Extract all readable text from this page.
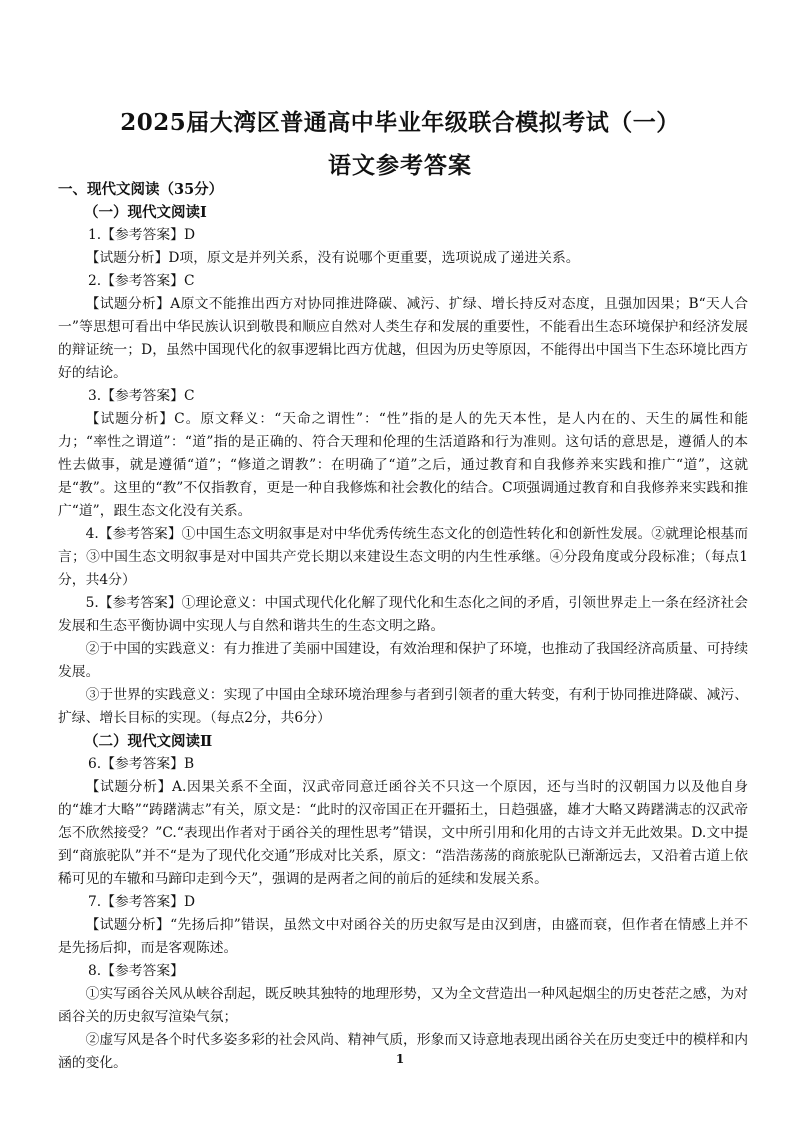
2025届大湾区普通高中毕业年级联合模拟考试（一）
语文参考答案
一、现代文阅读（35分）
（一）现代文阅读Ⅰ
1.【参考答案】D

【试题分析】D项，原文是并列关系，没有说哪个更重要，选项说成了递进关系。

2.【参考答案】C

【试题分析】A原文不能推出西方对协同推进降碳、减污、扩绿、增长持反对态度，且强加因果；B“天人合一”等思想可看出中华民族认识到敬畏和顺应自然对人类生存和发展的重要性，不能看出生态环境保护和经济发展的辩证统一；D，虽然中国现代化的叙事逻辑比西方优越，但因为历史等原因，不能得出中国当下生态环境比西方好的结论。

3.【参考答案】C

【试题分析】C。原文释义：“天命之谓性”：“性”指的是人的先天本性，是人内在的、天生的属性和能力；“率性之谓道”：“道”指的是正确的、符合天理和伦理的生活道路和行为准则。这句话的意思是，遵循人的本性去做事，就是遵循“道”；“修道之谓教”：在明确了“道”之后，通过教育和自我修养来实践和推广“道”，这就是“教”。这里的“教”不仅指教育，更是一种自我修炼和社会教化的结合。C项强调通过教育和自我修养来实践和推广“道”，跟生态文化没有关系。

4.【参考答案】①中国生态文明叙事是对中华优秀传统生态文化的创造性转化和创新性发展。②就理论根基而言；③中国生态文明叙事是对中国共产党长期以来建设生态文明的内生性承继。④分段角度或分段标准；（每点1分，共4分）

5.【参考答案】①理论意义：中国式现代化化解了现代化和生态化之间的矛盾，引领世界走上一条在经济社会发展和生态平衡协调中实现人与自然和谐共生的生态文明之路。

②于中国的实践意义：有力推进了美丽中国建设，有效治理和保护了环境，也推动了我国经济高质量、可持续发展。

③于世界的实践意义：实现了中国由全球环境治理参与者到引领者的重大转变，有利于协同推进降碳、减污、扩绿、增长目标的实现。（每点2分，共6分）

（二）现代文阅读Ⅱ
6.【参考答案】B

【试题分析】A.因果关系不全面，汉武帝同意迁函谷关不只这一个原因，还与当时的汉朝国力以及他自身的“雄才大略”“踌躇满志”有关，原文是：“此时的汉帝国正在开疆拓土，日趋强盛，雄才大略又踌躇满志的汉武帝怎不欣然接受？”C.“表现出作者对于函谷关的理性思考”错误，文中所引用和化用的古诗文并无此效果。D.文中提到“商旅驼队”并不“是为了现代化交通”形成对比关系，原文：“浩浩荡荡的商旅驼队已渐渐远去，又沿着古道上依稀可见的车辙和马蹄印走到今天”，强调的是两者之间的前后的延续和发展关系。

7.【参考答案】D

【试题分析】“先扬后抑”错误，虽然文中对函谷关的历史叙写是由汉到唐，由盛而衰，但作者在情感上并不是先扬后抑，而是客观陈述。

8.【参考答案】

①实写函谷关风从峡谷刮起，既反映其独特的地理形势，又为全文营造出一种风起烟尘的历史苍茫之感，为对函谷关的历史叙写渲染气氛；

②虚写风是各个时代多姿多彩的社会风尚、精神气质，形象而又诗意地表现出函谷关在历史变迁中的模样和内涵的变化。	1
